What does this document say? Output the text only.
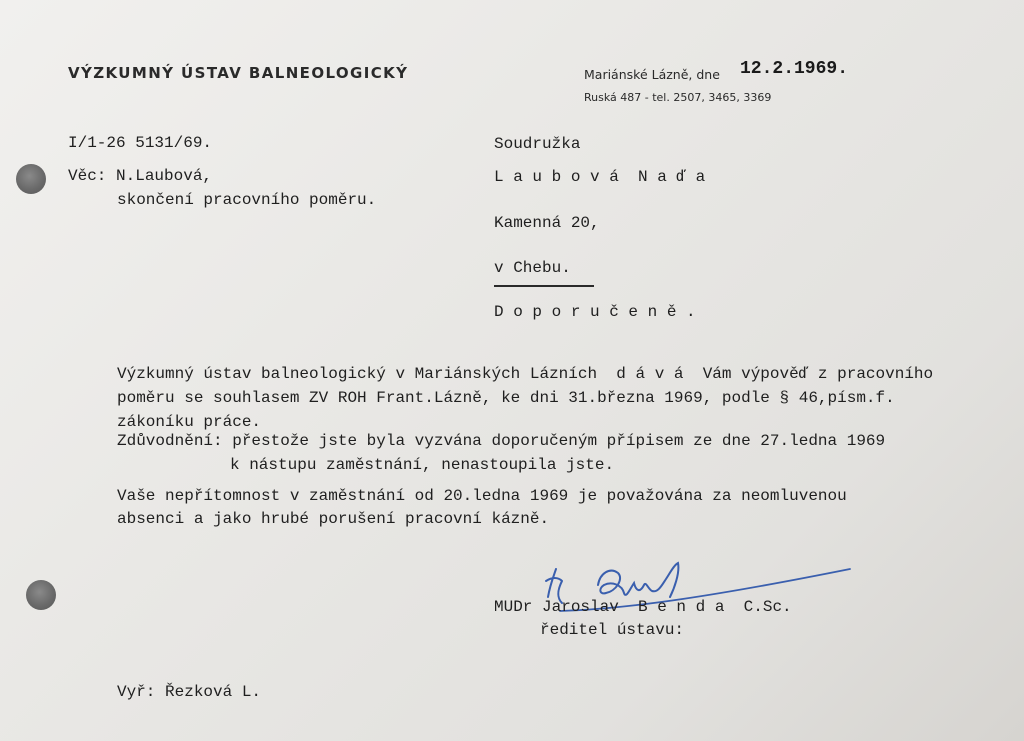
VÝZKUMNÝ ÚSTAV BALNEOLOGICKÝ	Mariánské Lázně, dne 12.2.1969.
Ruská 487 - tel. 2507, 3465, 3369
I/1-26 5131/69.
Věc: N.Laubová,
skončení pracovního poměru.
Soudružka
L a u b o v á  N a ď a
Kamenná 20,
v Chebu.
D o p o r u č e n ě .
Výzkumný ústav balneologický v Mariánských Lázních  d á v á  Vám výpověď z pracovního
poměru se souhlasem ZV ROH Frant.Lázně, ke dni 31.března 1969, podle § 46,písm.f.
zákoníku práce.
Zdůvodnění: přestože jste byla vyzvána doporučeným přípisem ze dne 27.ledna 1969
k nástupu zaměstnání, nenastoupila jste.
Vaše nepřítomnost v zaměstnání od 20.ledna 1969 je považována za neomluvenou
absenci a jako hrubé porušení pracovní kázně.
MUDr Jaroslav  B e n d a  C.Sc.
ředitel ústavu:
Vyř: Řezková L.
